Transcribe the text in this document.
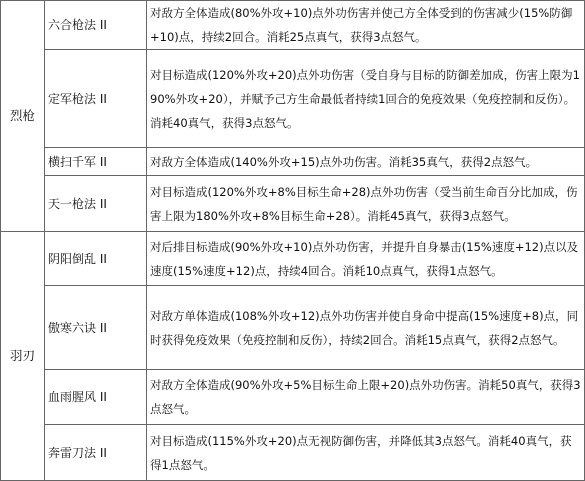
烈枪	六合枪法 II	对敌方全体造成(80%外攻+10)点外功伤害并使己方全体受到的伤害减少(15%防御+10)点，持续2回合。消耗25点真气，获得3点怒气。
	定军枪法 II	对目标造成(120%外攻+20)点外功伤害（受自身与目标的防御差加成，伤害上限为190%外攻+20），并赋予己方生命最低者持续1回合的免疫效果（免疫控制和反伤）。消耗40真气，获得3点怒气。
	横扫千军 II	对敌方全体造成(140%外攻+15)点外功伤害。消耗35真气，获得2点怒气。
	天一枪法 II	对目标造成(120%外攻+8%目标生命+28)点外功伤害（受当前生命百分比加成，伤害上限为180%外攻+8%目标生命+28）。消耗45真气，获得3点怒气。
羽刃	阴阳倒乱 II	对后排目标造成(90%外攻+10)点外功伤害，并提升自身暴击(15%速度+12)点以及速度(15%速度+12)点，持续4回合。消耗10点真气，获得1点怒气。
	傲寒六诀 II	对敌方单体造成(108%外攻+12)点外功伤害并使自身命中提高(15%速度+8)点，同时获得免疫效果（免疫控制和反伤），持续2回合。消耗15点真气，获得2点怒气。
	血雨腥风 II	对敌方全体造成(90%外攻+5%目标生命上限+20)点外功伤害。消耗50真气，获得3点怒气。
	奔雷刀法 II	对目标造成(115%外攻+20)点无视防御伤害，并降低其3点怒气。消耗40真气，获得1点怒气。
